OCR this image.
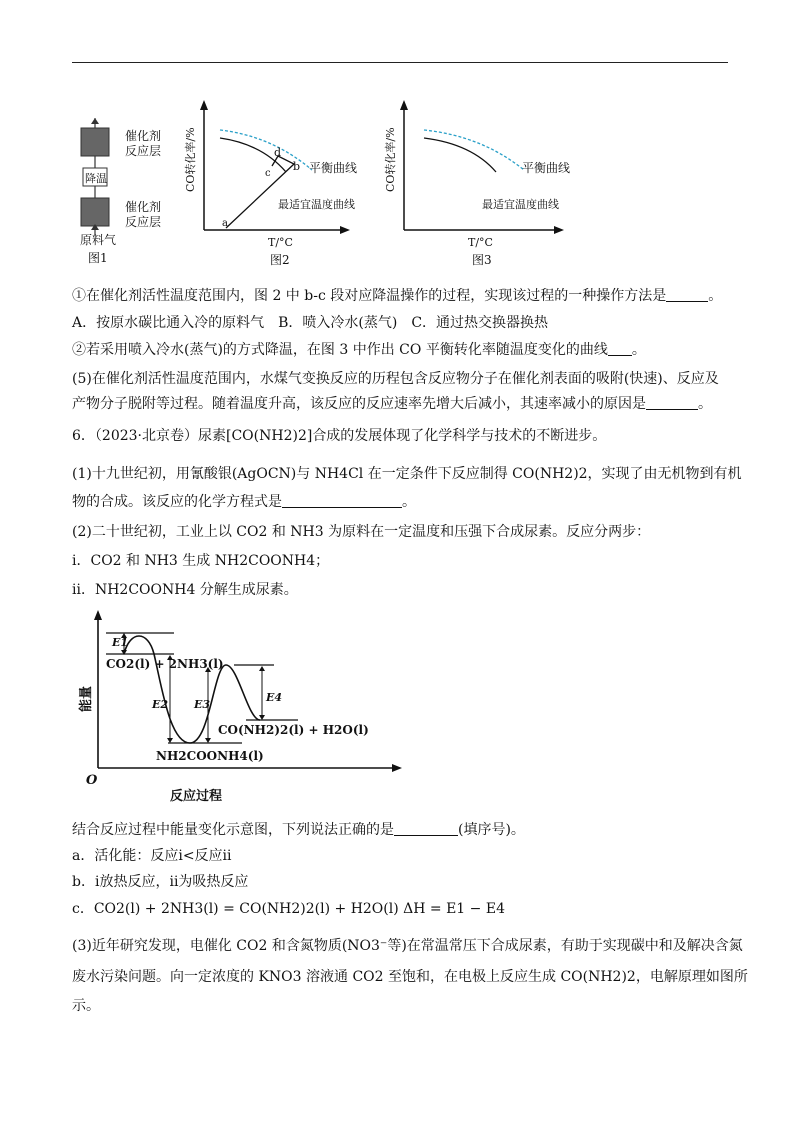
催化剂
反应层
降温
催化剂
反应层
原料气
图1
CO转化率/%
a
b
c
d
平衡曲线
最适宜温度曲线
T/°C
图2
CO转化率/%	平衡曲线
最适宜温度曲线
T/°C
图3
①在催化剂活性温度范围内，图 2 中 b-c 段对应降温操作的过程，实现该过程的一种操作方法是	。
A．按原水碳比通入冷的原料气　B．喷入冷水(蒸气)　C．通过热交换器换热
②若采用喷入冷水(蒸气)的方式降温，在图 3 中作出 CO 平衡转化率随温度变化的曲线 。
(5)在催化剂活性温度范围内，水煤气变换反应的历程包含反应物分子在催化剂表面的吸附(快速)、反应及
产物分子脱附等过程。随着温度升高，该反应的反应速率先增大后减小，其速率减小的原因是	。
6．（2023·北京卷）尿素[CO(NH2)2]合成的发展体现了化学科学与技术的不断进步。
(1)十九世纪初，用氰酸银(AgOCN)与 NH4Cl 在一定条件下反应制得 CO(NH2)2，实现了由无机物到有机
物的合成。该反应的化学方程式是	。
(2)二十世纪初，工业上以 CO2 和 NH3 为原料在一定温度和压强下合成尿素。反应分两步：
ⅰ．CO2 和 NH3 生成 NH2COONH4；
ⅱ．NH2COONH4 分解生成尿素。
O
能量
反应过程
E1
E2 E3
E4
CO2(l) + 2NH3(l)
NH2COONH4(l)
CO(NH2)2(l) + H2O(l)
结合反应过程中能量变化示意图，下列说法正确的是	(填序号)。
a．活化能：反应ⅰ<反应ⅱ
b．ⅰ放热反应，ⅱ为吸热反应
c．CO2(l) + 2NH3(l) = CO(NH2)2(l) + H2O(l) ΔH = E1 − E4
(3)近年研究发现，电催化 CO2 和含氮物质(NO3⁻等)在常温常压下合成尿素，有助于实现碳中和及解决含氮
废水污染问题。向一定浓度的 KNO3 溶液通 CO2 至饱和，在电极上反应生成 CO(NH2)2，电解原理如图所
示。
